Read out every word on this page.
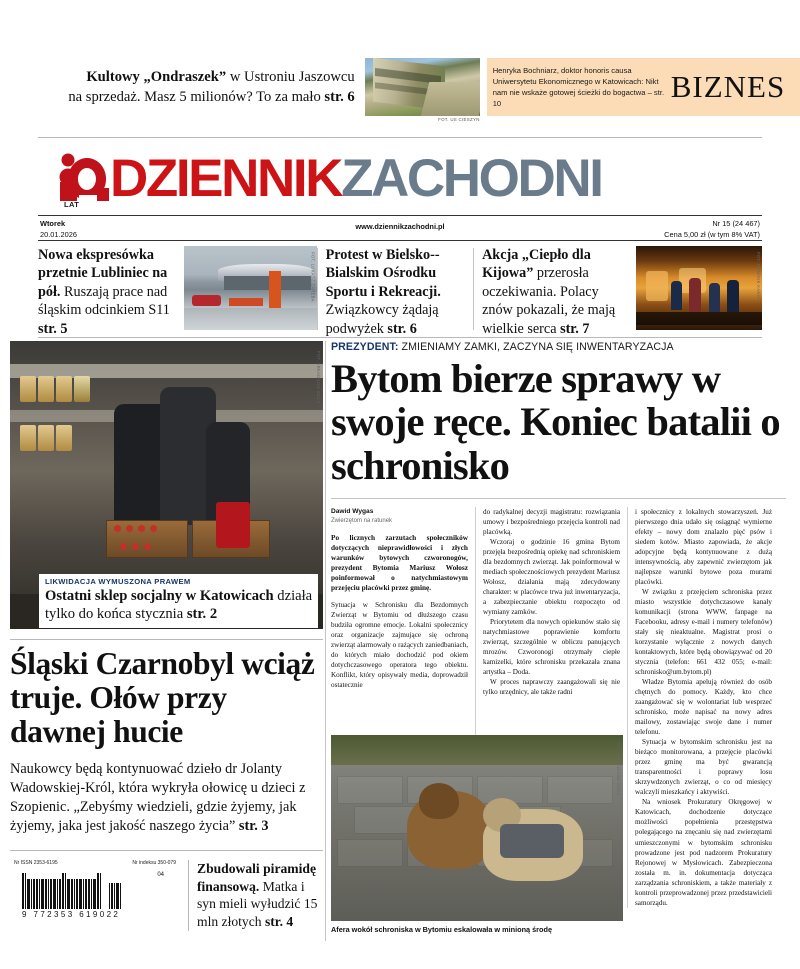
Kultowy „Ondraszek” w Ustroniu Jaszowcu
na sprzedaż. Masz 5 milionów? To za mało str. 6
FOT. US CIESZYN
Henryka Bochniarz, doktor honoris causa Uniwersytetu Ekonomicznego w Katowicach: Nikt nam nie wskaże gotowej ścieżki do bogactwa – str. 10	BIZNES
LAT DZIENNIKZACHODNI
Wtorek
20.01.2026
www.dziennikzachodni.pl	Nr 15 (24 467)
Cena 5,00 zł (w tym 8% VAT)
Nowa ekspresówka przetnie Lubliniec na pół. Ruszają prace nad śląskim odcinkiem S11 str. 5
FOT. LUKASZ ZAREBA Protest w Bielsko--Bialskim Ośrodku Sportu i Rekreacji. Związkowcy żądają podwyżek str. 6
Akcja „Ciepło dla Kijowa” przerosła oczekiwania. Polacy znów pokazali, że mają wielkie serca str. 7
FOT. DOMINIK KANIA
FOT. ARKADIUSZ GOLA
LIKWIDACJA WYMUSZONA PRAWEM
Ostatni sklep socjalny w Katowicach działa tylko do końca stycznia str. 2
Śląski Czarnobyl wciąż truje. Ołów przy dawnej hucie
Naukowcy będą kontynuować dzieło dr Jolanty Wadowskiej-Król, która wykryła ołowicę u dzieci z Szopienic. „Zebyśmy wiedzieli, gdzie żyjemy, jak żyjemy, jaka jest jakość naszego życia” str. 3
Nr ISSN 2353-6195	Nr indeksu 350-079
9 772353 619022
04 Zbudowali piramidę finansową. Matka i syn mieli wyłudzić 15 mln złotych str. 4
PREZYDENT: ZMIENIAMY ZAMKI, ZACZYNA SIĘ INWENTARYZACJA
Bytom bierze sprawy w swoje ręce. Koniec batalii o schronisko
Dawid Wygas
Zwierzętom na ratunek
Po licznych zarzutach społeczników dotyczących nieprawidłowości i złych warunków bytowych czworonogów, prezydent Bytomia Mariusz Wołosz poinformował o natychmiastowym przejęciu placówki przez gminę.

Sytuacja w Schronisku dla Bezdomnych Zwierząt w Bytomiu od dłuższego czasu budziła ogromne emocje. Lokalni społecznicy oraz organizacje zajmujące się ochroną zwierząt alarmowały o rażących zaniedbaniach, do których miało dochodzić pod okiem dotychczasowego operatora tego obiektu. Konflikt, który opisywały media, doprowadził ostatecznie

do radykalnej decyzji magistratu: rozwiązania umowy i bezpośredniego przejęcia kontroli nad placówką.

Wczoraj o godzinie 16 gmina Bytom przejęła bezpośrednią opiekę nad schroniskiem dla bezdomnych zwierząt. Jak poinformował w mediach społecznościowych prezydent Mariusz Wołosz, działania mają zdecydowany charakter: w placówce trwa już inwentaryzacja, a zabezpieczanie obiektu rozpoczęto od wymiany zamków.

Priorytetem dla nowych opiekunów stało się natychmiastowe poprawienie komfortu zwierząt, szczególnie w obliczu panujących mrozów. Czworonogi otrzymały ciepłe kamizelki, które schronisku przekazała znana artystka – Doda.

W proces naprawczy zaangażowali się nie tylko urzędnicy, ale także radni

i społecznicy z lokalnych stowarzyszeń. Już pierwszego dnia udało się osiągnąć wymierne efekty – nowy dom znalazło pięć psów i siedem kotów. Miasto zapowiada, że akcje adopcyjne będą kontynuowane z dużą intensywnością, aby zapewnić zwierzętom jak najlepsze warunki bytowe poza murami placówki.

W związku z przejęciem schroniska przez miasto wszystkie dotychczasowe kanały komunikacji (strona WWW, fanpage na Facebooku, adresy e-mail i numery telefonów) stały się nieaktualne. Magistrat prosi o korzystanie wyłącznie z nowych danych kontaktowych, które będą obowiązywać od 20 stycznia (telefon: 661 432 055; e-mail: schronisko@um.bytom.pl)

Władze Bytomia apelują również do osób chętnych do pomocy. Każdy, kto chce zaangażować się w wolontariat lub wesprzeć schronisko, może napisać na nowy adres mailowy, zostawiając swoje dane i numer telefonu.

Sytuacja w bytomskim schronisku jest na bieżąco monitorowana, a przejęcie placówki przez gminę ma być gwarancją transparentności i poprawy losu skrzywdzonych zwierząt, o co od miesięcy walczyli mieszkańcy i aktywiści.

Na wniosek Prokuratury Okręgowej w Katowicach, dochodzenie dotyczące możliwości popełnienia przestępstwa polegającego na znęcaniu się nad zwierzętami umieszczonymi w bytomskim schronisku prowadzone jest pod nadzorem Prokuratury Rejonowej w Mysłowicach. Zabezpieczona została m. in. dokumentacja dotycząca zarządzania schroniskiem, a także materiały z kontroli przeprowadzonej przez przedstawicieli samorządu.

FOT. ARKADIUSZ GOLA
Afera wokół schroniska w Bytomiu eskalowała w minioną środę
